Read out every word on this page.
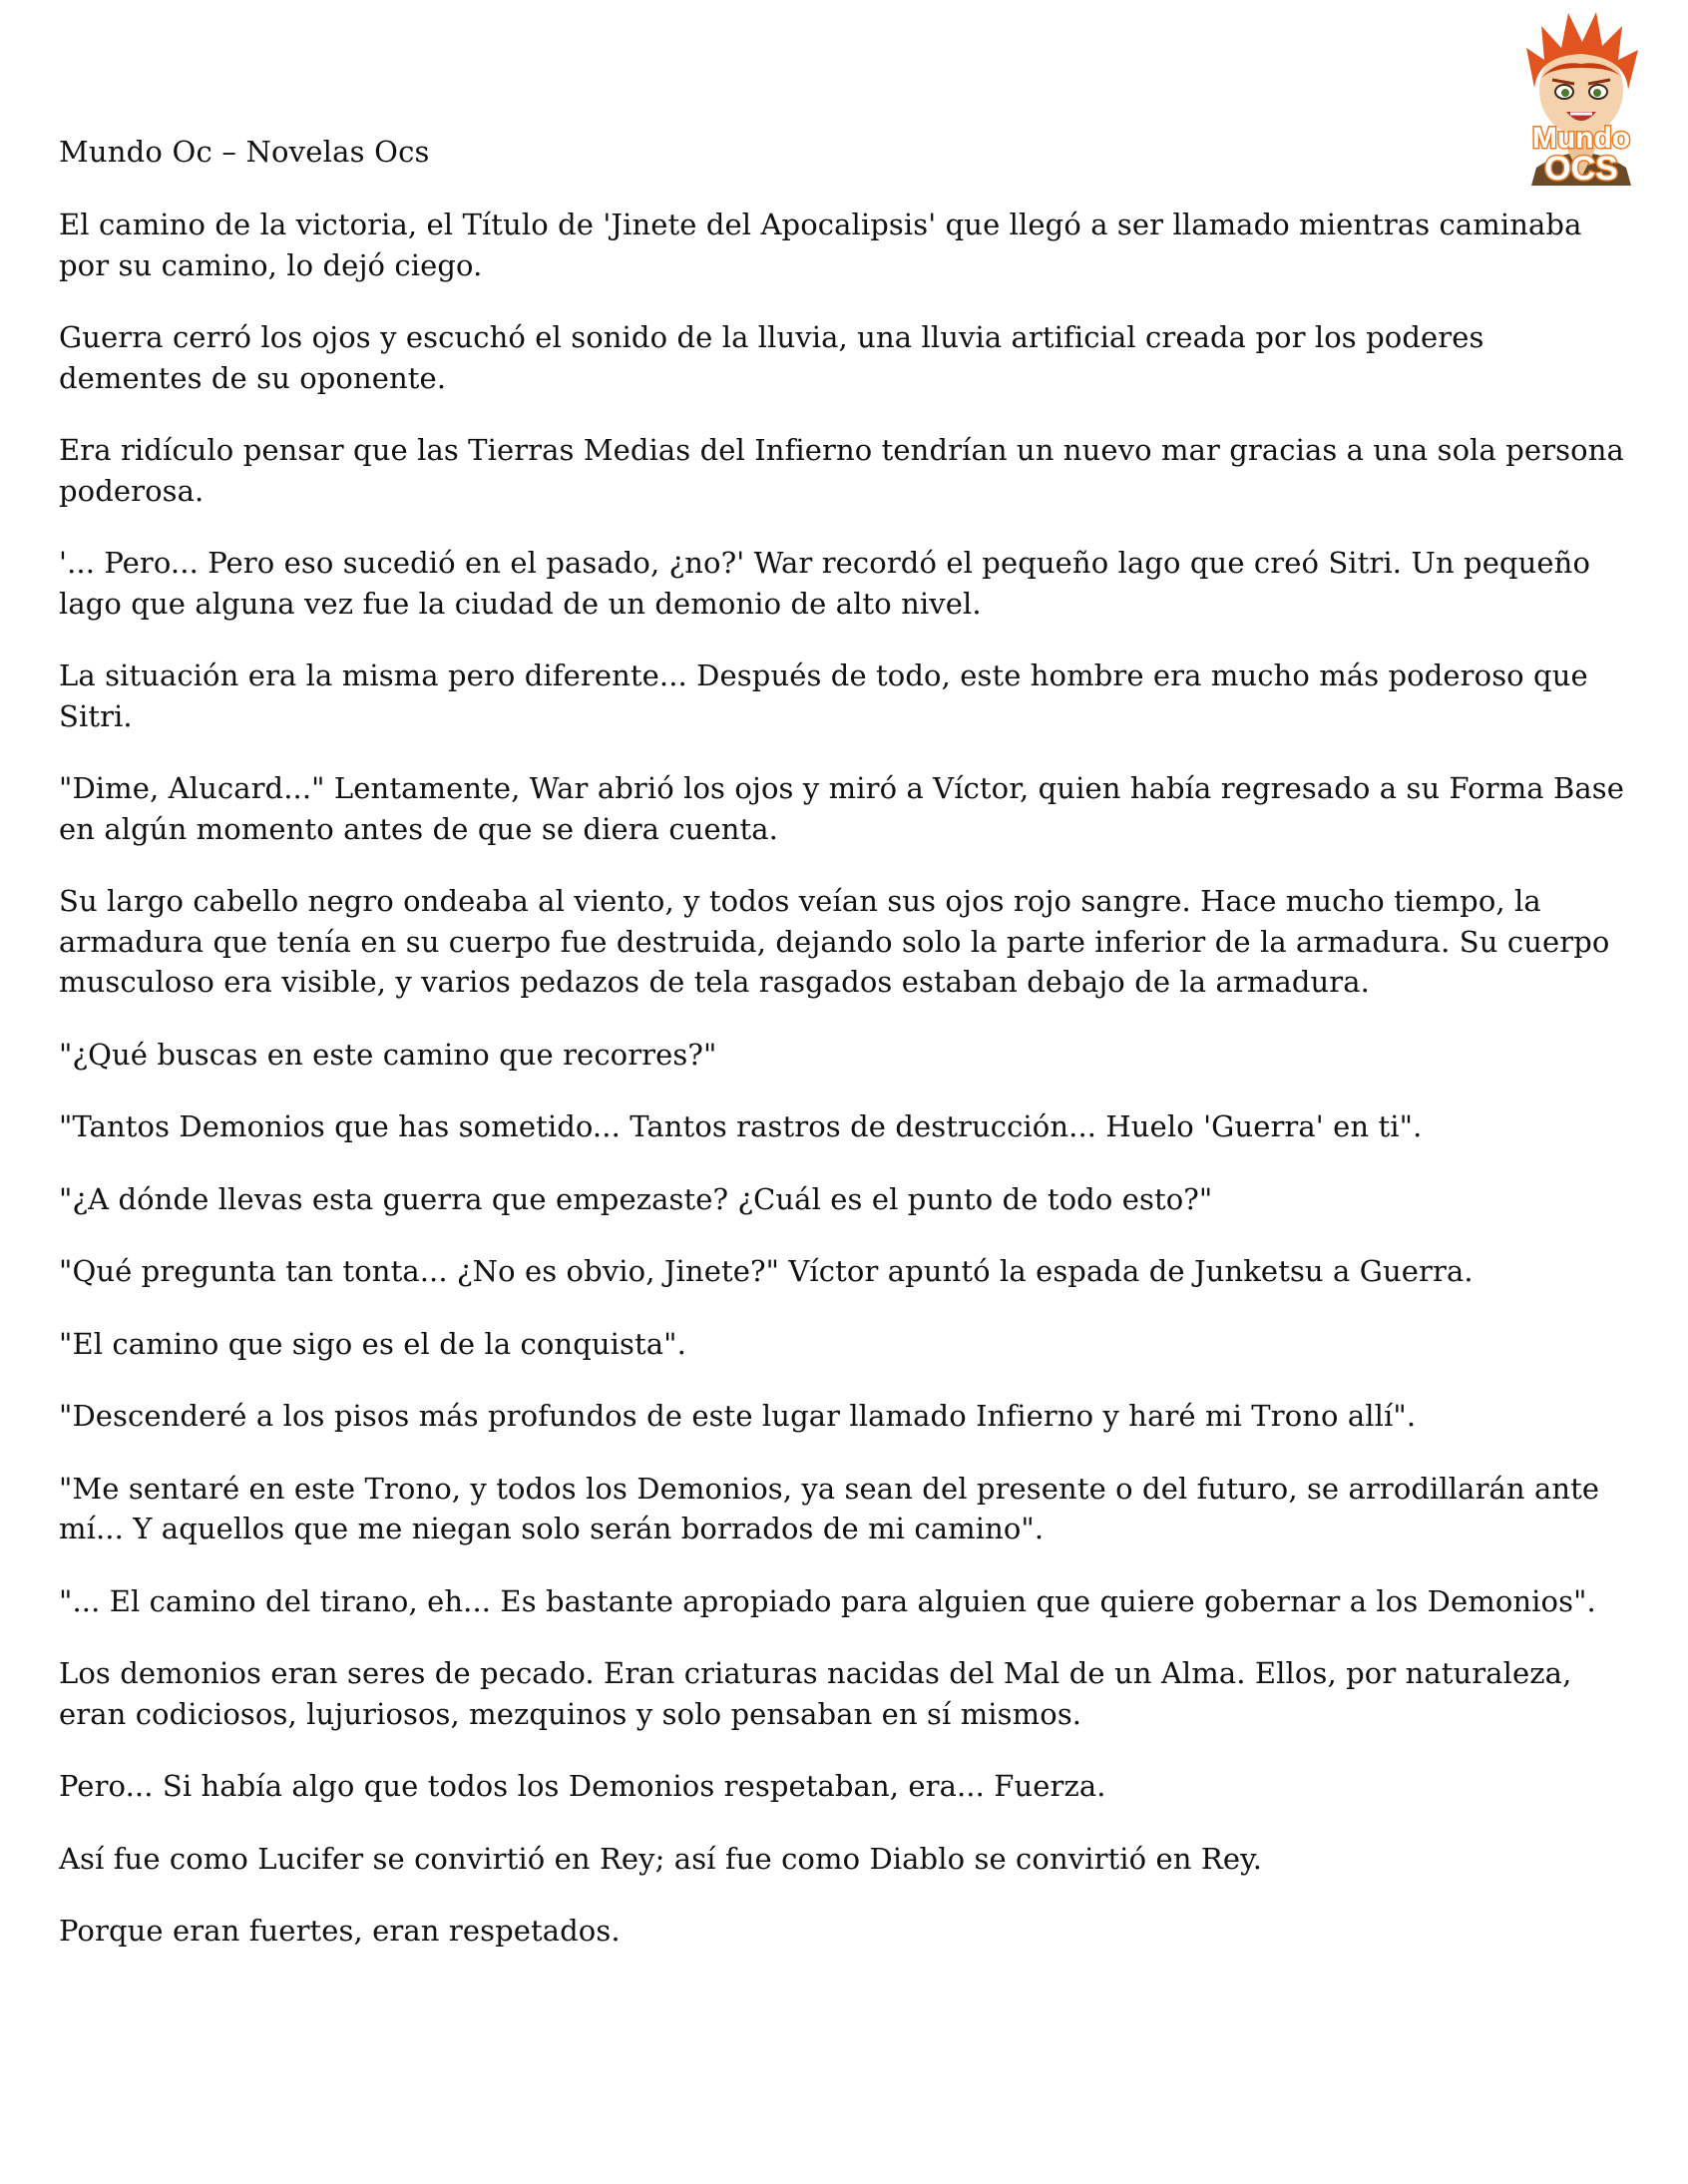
Mundo Oc – Novelas Ocs	Mundo
OCS

El camino de la victoria, el Título de 'Jinete del Apocalipsis' que llegó a ser llamado mientras caminaba por su camino, lo dejó ciego.

Guerra cerró los ojos y escuchó el sonido de la lluvia, una lluvia artificial creada por los poderes dementes de su oponente.

Era ridículo pensar que las Tierras Medias del Infierno tendrían un nuevo mar gracias a una sola persona poderosa.

'... Pero... Pero eso sucedió en el pasado, ¿no?' War recordó el pequeño lago que creó Sitri. Un pequeño lago que alguna vez fue la ciudad de un demonio de alto nivel.

La situación era la misma pero diferente... Después de todo, este hombre era mucho más poderoso que Sitri.

"Dime, Alucard..." Lentamente, War abrió los ojos y miró a Víctor, quien había regresado a su Forma Base en algún momento antes de que se diera cuenta.

Su largo cabello negro ondeaba al viento, y todos veían sus ojos rojo sangre. Hace mucho tiempo, la armadura que tenía en su cuerpo fue destruida, dejando solo la parte inferior de la armadura. Su cuerpo musculoso era visible, y varios pedazos de tela rasgados estaban debajo de la armadura.

"¿Qué buscas en este camino que recorres?"

"Tantos Demonios que has sometido... Tantos rastros de destrucción... Huelo 'Guerra' en ti".

"¿A dónde llevas esta guerra que empezaste? ¿Cuál es el punto de todo esto?"

"Qué pregunta tan tonta... ¿No es obvio, Jinete?" Víctor apuntó la espada de Junketsu a Guerra.

"El camino que sigo es el de la conquista".

"Descenderé a los pisos más profundos de este lugar llamado Infierno y haré mi Trono allí".

"Me sentaré en este Trono, y todos los Demonios, ya sean del presente o del futuro, se arrodillarán ante mí... Y aquellos que me niegan solo serán borrados de mi camino".

"... El camino del tirano, eh... Es bastante apropiado para alguien que quiere gobernar a los Demonios".

Los demonios eran seres de pecado. Eran criaturas nacidas del Mal de un Alma. Ellos, por naturaleza, eran codiciosos, lujuriosos, mezquinos y solo pensaban en sí mismos.

Pero... Si había algo que todos los Demonios respetaban, era... Fuerza.

Así fue como Lucifer se convirtió en Rey; así fue como Diablo se convirtió en Rey.

Porque eran fuertes, eran respetados.
